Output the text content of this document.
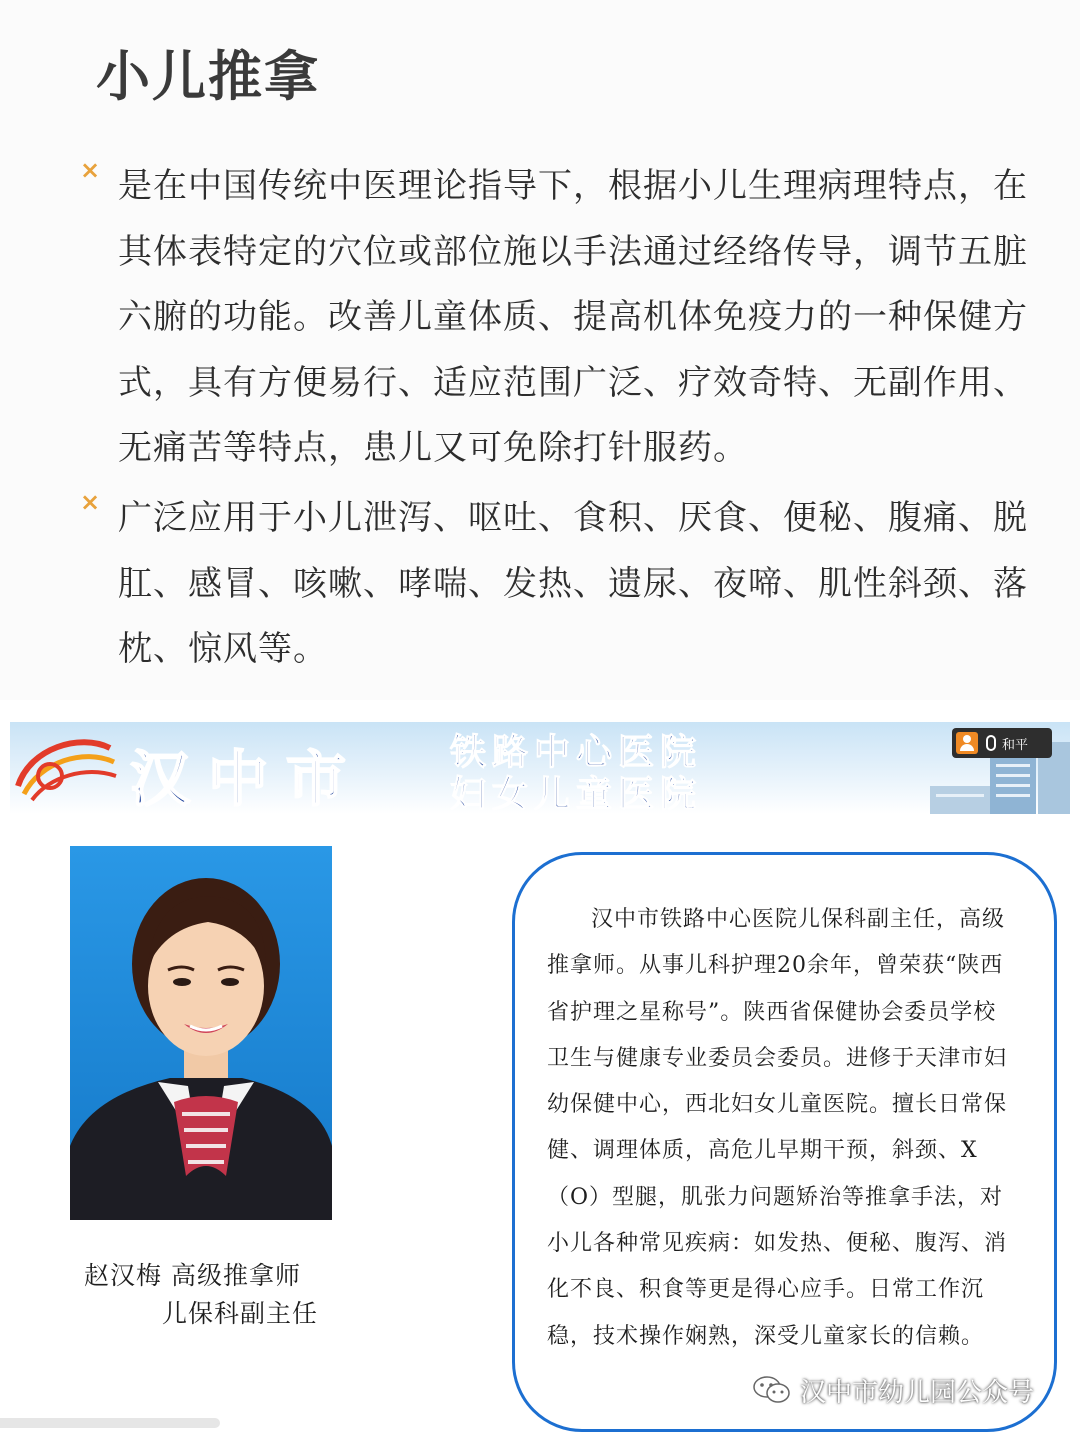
小儿推拿
× 是在中国传统中医理论指导下，根据小儿生理病理特点，在其体表特定的穴位或部位施以手法通过经络传导，调节五脏六腑的功能。改善儿童体质、提高机体免疫力的一种保健方式，具有方便易行、适应范围广泛、疗效奇特、无副作用、无痛苦等特点，患儿又可免除打针服药。

× 广泛应用于小儿泄泻、呕吐、食积、厌食、便秘、腹痛、脱肛、感冒、咳嗽、哮喘、发热、遗尿、夜啼、肌性斜颈、落枕、惊风等。

汉中市 铁路中心医院
妇女儿童医院
和平
赵汉梅 高级推拿师
儿保科副主任

汉中市铁路中心医院儿保科副主任，高级推拿师。从事儿科护理20余年，曾荣获“陕西省护理之星称号”。陕西省保健协会委员学校卫生与健康专业委员会委员。进修于天津市妇幼保健中心，西北妇女儿童医院。擅长日常保健、调理体质，高危儿早期干预，斜颈、X（O）型腿，肌张力问题矫治等推拿手法，对小儿各种常见疾病：如发热、便秘、腹泻、消化不良、积食等更是得心应手。日常工作沉稳，技术操作娴熟，深受儿童家长的信赖。

汉中市幼儿园公众号
